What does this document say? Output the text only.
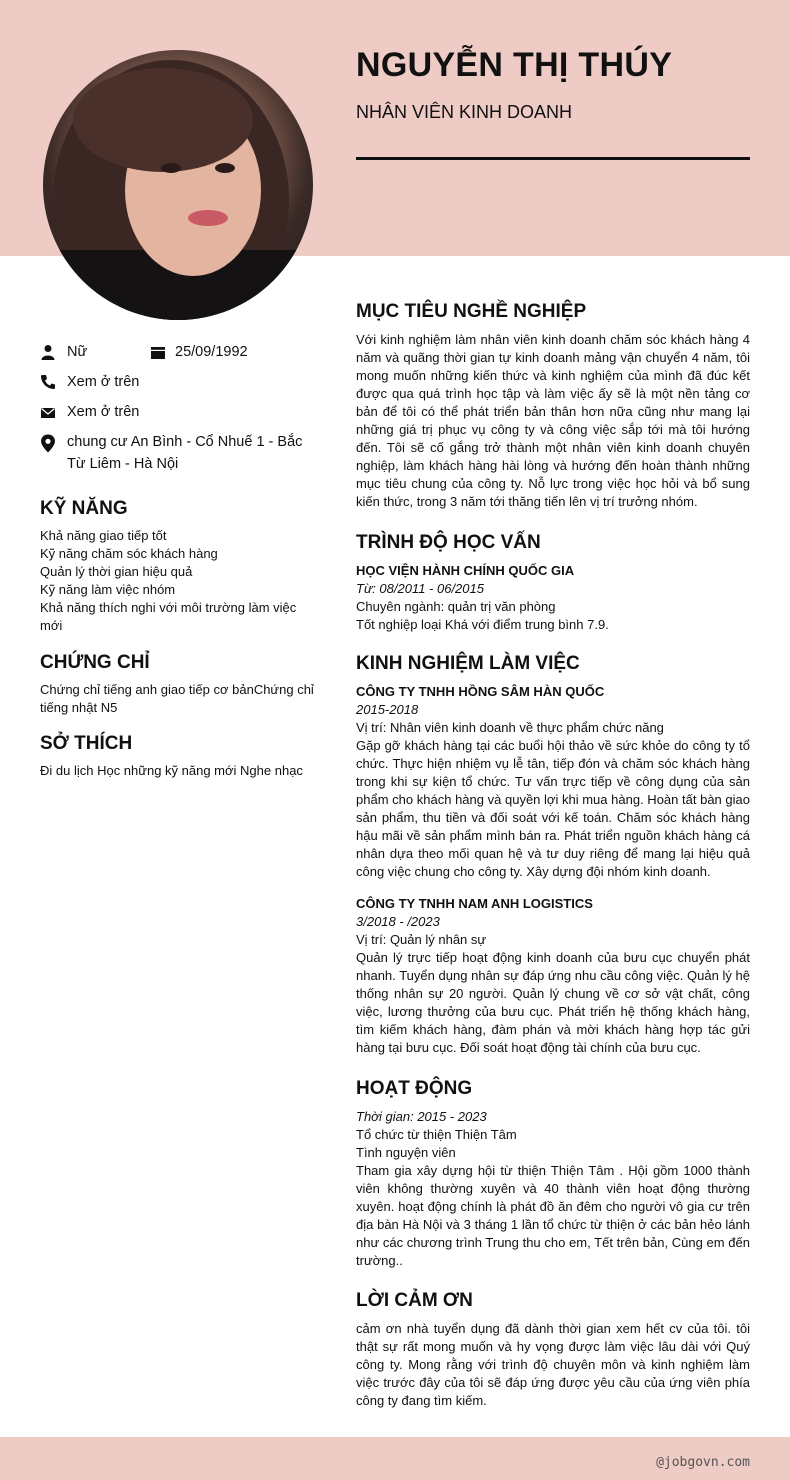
NGUYỄN THỊ THÚY
NHÂN VIÊN KINH DOANH
Nữ	25/09/1992
Xem ở trên
Xem ở trên
chung cư An Bình - Cổ Nhuế 1 - Bắc
Từ Liêm - Hà Nội
KỸ NĂNG
Khả năng giao tiếp tốt
Kỹ năng chăm sóc khách hàng
Quản lý thời gian hiệu quả
Kỹ năng làm việc nhóm
Khả năng thích nghi với môi trường làm việc
mới
CHỨNG CHỈ
Chứng chỉ tiếng anh giao tiếp cơ bảnChứng chỉ
tiếng nhật N5
SỞ THÍCH
Đi du lịch Học những kỹ năng mới Nghe nhạc
MỤC TIÊU NGHỀ NGHIỆP
Với kinh nghiệm làm nhân viên kinh doanh chăm sóc khách hàng 4 năm và quãng thời gian tự kinh doanh mảng vận chuyển 4 năm, tôi mong muốn những kiến thức và kinh nghiệm của mình đã đúc kết được qua quá trình học tập và làm việc ấy sẽ là một nền tảng cơ bản để tôi có thể phát triển bản thân hơn nữa cũng như mang lại những giá trị phục vụ công ty và công việc sắp tới mà tôi hướng đến. Tôi sẽ cố gắng trở thành một nhân viên kinh doanh chuyên nghiệp, làm khách hàng hài lòng và hướng đến hoàn thành những mục tiêu chung của công ty. Nỗ lực trong việc học hỏi và bổ sung kiến thức, trong 3 năm tới thăng tiến lên vị trí trưởng nhóm.
TRÌNH ĐỘ HỌC VẤN
HỌC VIỆN HÀNH CHÍNH QUỐC GIA
Từ: 08/2011 - 06/2015
Chuyên ngành: quản trị văn phòng
Tốt nghiệp loại Khá với điểm trung bình 7.9.
KINH NGHIỆM LÀM VIỆC
CÔNG TY TNHH HỒNG SÂM HÀN QUỐC
2015-2018
Vị trí: Nhân viên kinh doanh về thực phẩm chức năng
Gặp gỡ khách hàng tại các buổi hội thảo về sức khỏe do công ty tổ chức. Thực hiện nhiệm vụ lễ tân, tiếp đón và chăm sóc khách hàng trong khi sự kiện tổ chức. Tư vấn trực tiếp về công dụng của sản phẩm cho khách hàng và quyền lợi khi mua hàng. Hoàn tất bàn giao sản phẩm, thu tiền và đối soát với kế toán. Chăm sóc khách hàng hậu mãi về sản phẩm mình bán ra. Phát triển nguồn khách hàng cá nhân dựa theo mối quan hệ và tư duy riêng để mang lại hiệu quả công việc chung cho công ty. Xây dựng đội nhóm kinh doanh.
CÔNG TY TNHH NAM ANH LOGISTICS
3/2018 - /2023
Vị trí: Quản lý nhân sự
Quản lý trực tiếp hoạt động kinh doanh của bưu cục chuyển phát nhanh. Tuyển dụng nhân sự đáp ứng nhu cầu công việc. Quản lý hệ thống nhân sự 20 người. Quản lý chung về cơ sở vật chất, công việc, lương thưởng của bưu cục. Phát triển hệ thống khách hàng, tìm kiếm khách hàng, đàm phán và mời khách hàng hợp tác gửi hàng tại bưu cục. Đối soát hoạt động tài chính của bưu cục.
HOẠT ĐỘNG
Thời gian: 2015 - 2023
Tổ chức từ thiện Thiện Tâm
Tình nguyện viên
Tham gia xây dựng hội từ thiện Thiện Tâm . Hội gồm 1000 thành viên không thường xuyên và 40 thành viên hoạt động thường xuyên. hoạt động chính là phát đồ ăn đêm cho người vô gia cư trên địa bàn Hà Nội và 3 tháng 1 lần tổ chức từ thiện ở các bản hẻo lánh như các chương trình Trung thu cho em, Tết trên bản, Cùng em đến trường..
LỜI CẢM ƠN
cảm ơn nhà tuyển dụng đã dành thời gian xem hết cv của tôi. tôi thật sự rất mong muốn và hy vọng được làm việc lâu dài với Quý công ty. Mong rằng với trình độ chuyên môn và kinh nghiệm làm việc trước đây của tôi sẽ đáp ứng được yêu cầu của ứng viên phía công ty đang tìm kiếm.
@jobgovn.com
